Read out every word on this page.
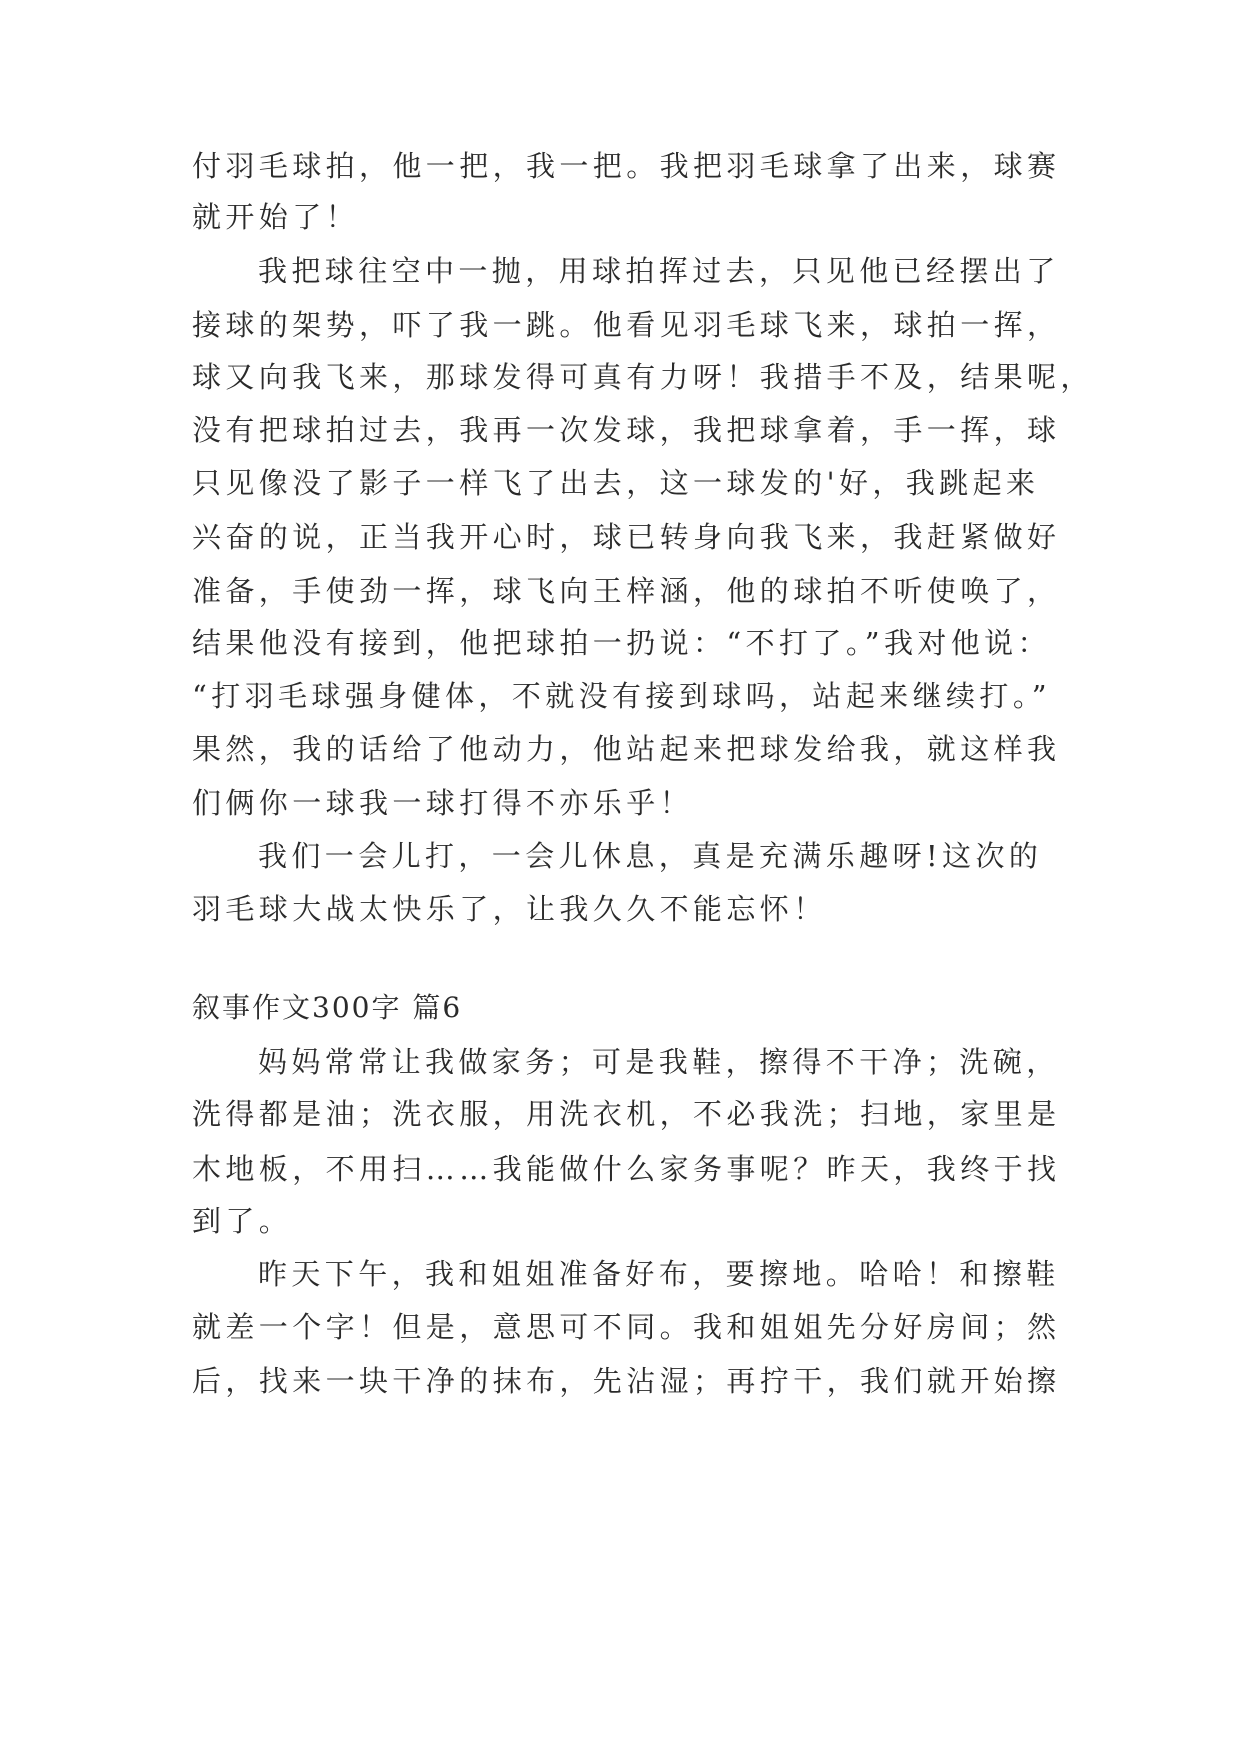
付羽毛球拍，他一把，我一把。我把羽毛球拿了出来，球赛
就开始了！
我把球往空中一抛，用球拍挥过去，只见他已经摆出了
接球的架势，吓了我一跳。他看见羽毛球飞来，球拍一挥，
球又向我飞来，那球发得可真有力呀！我措手不及，结果呢，
没有把球拍过去，我再一次发球，我把球拿着，手一挥，球
只见像没了影子一样飞了出去，这一球发的'好，我跳起来
兴奋的说，正当我开心时，球已转身向我飞来，我赶紧做好
准备，手使劲一挥，球飞向王梓涵，他的球拍不听使唤了，
结果他没有接到，他把球拍一扔说：“不打了。”我对他说：
“打羽毛球强身健体，不就没有接到球吗，站起来继续打。”
果然，我的话给了他动力，他站起来把球发给我，就这样我
们俩你一球我一球打得不亦乐乎！
我们一会儿打，一会儿休息，真是充满乐趣呀!这次的
羽毛球大战太快乐了，让我久久不能忘怀！
叙事作文300字 篇6
妈妈常常让我做家务；可是我鞋，擦得不干净；洗碗，
洗得都是油；洗衣服，用洗衣机，不必我洗；扫地，家里是
木地板，不用扫……我能做什么家务事呢？昨天，我终于找
到了。
昨天下午，我和姐姐准备好布，要擦地。哈哈！和擦鞋
就差一个字！但是，意思可不同。我和姐姐先分好房间；然
后，找来一块干净的抹布，先沾湿；再拧干，我们就开始擦
